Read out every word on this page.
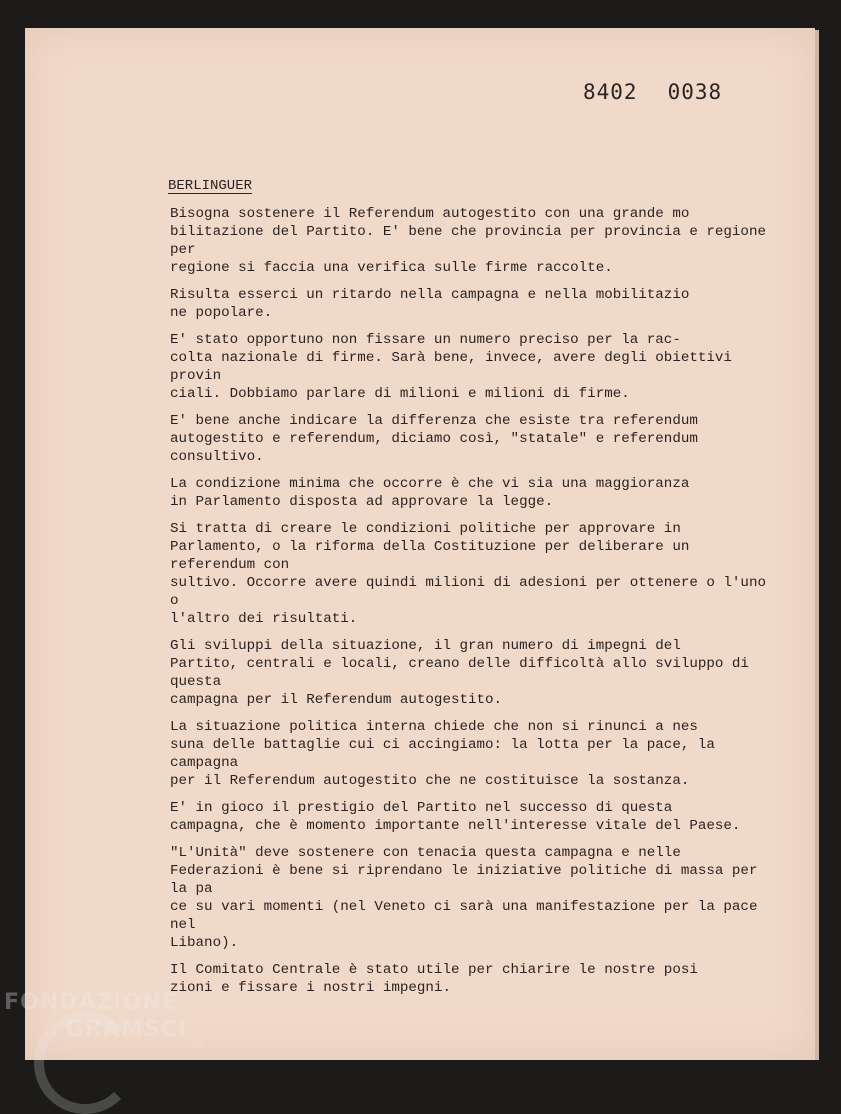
8402 0038
BERLINGUER

Bisogna sostenere il Referendum autogestito con una grande mo
bilitazione del Partito. E' bene che provincia per provincia e regione per
regione si faccia una verifica sulle firme raccolte.

Risulta esserci un ritardo nella campagna e nella mobilitazio
ne popolare.

E' stato opportuno non fissare un numero preciso per la rac-
colta nazionale di firme. Sarà bene, invece, avere degli obiettivi provin
ciali. Dobbiamo parlare di milioni e milioni di firme.

E' bene anche indicare la differenza che esiste tra referendum
autogestito e referendum, diciamo così, "statale" e referendum consultivo.

La condizione minima che occorre è che vi sia una maggioranza
in Parlamento disposta ad approvare la legge.

Si tratta di creare le condizioni politiche per approvare in
Parlamento, o la riforma della Costituzione per deliberare un referendum con
sultivo. Occorre avere quindi milioni di adesioni per ottenere o l'uno o
l'altro dei risultati.

Gli sviluppi della situazione, il gran numero di impegni del
Partito, centrali e locali, creano delle difficoltà allo sviluppo di questa
campagna per il Referendum autogestito.

La situazione politica interna chiede che non si rinunci a nes
suna delle battaglie cui ci accingiamo: la lotta per la pace, la campagna
per il Referendum autogestito che ne costituisce la sostanza.

E' in gioco il prestigio del Partito nel successo di questa
campagna, che è momento importante nell'interesse vitale del Paese.

"L'Unità" deve sostenere con tenacia questa campagna e nelle
Federazioni è bene si riprendano le iniziative politiche di massa per la pa
ce su vari momenti (nel Veneto ci sarà una manifestazione per la pace nel
Libano).

Il Comitato Centrale è stato utile per chiarire le nostre posi
zioni e fissare i nostri impegni.

FONDAZIONE
GRAMSCI
onlus
